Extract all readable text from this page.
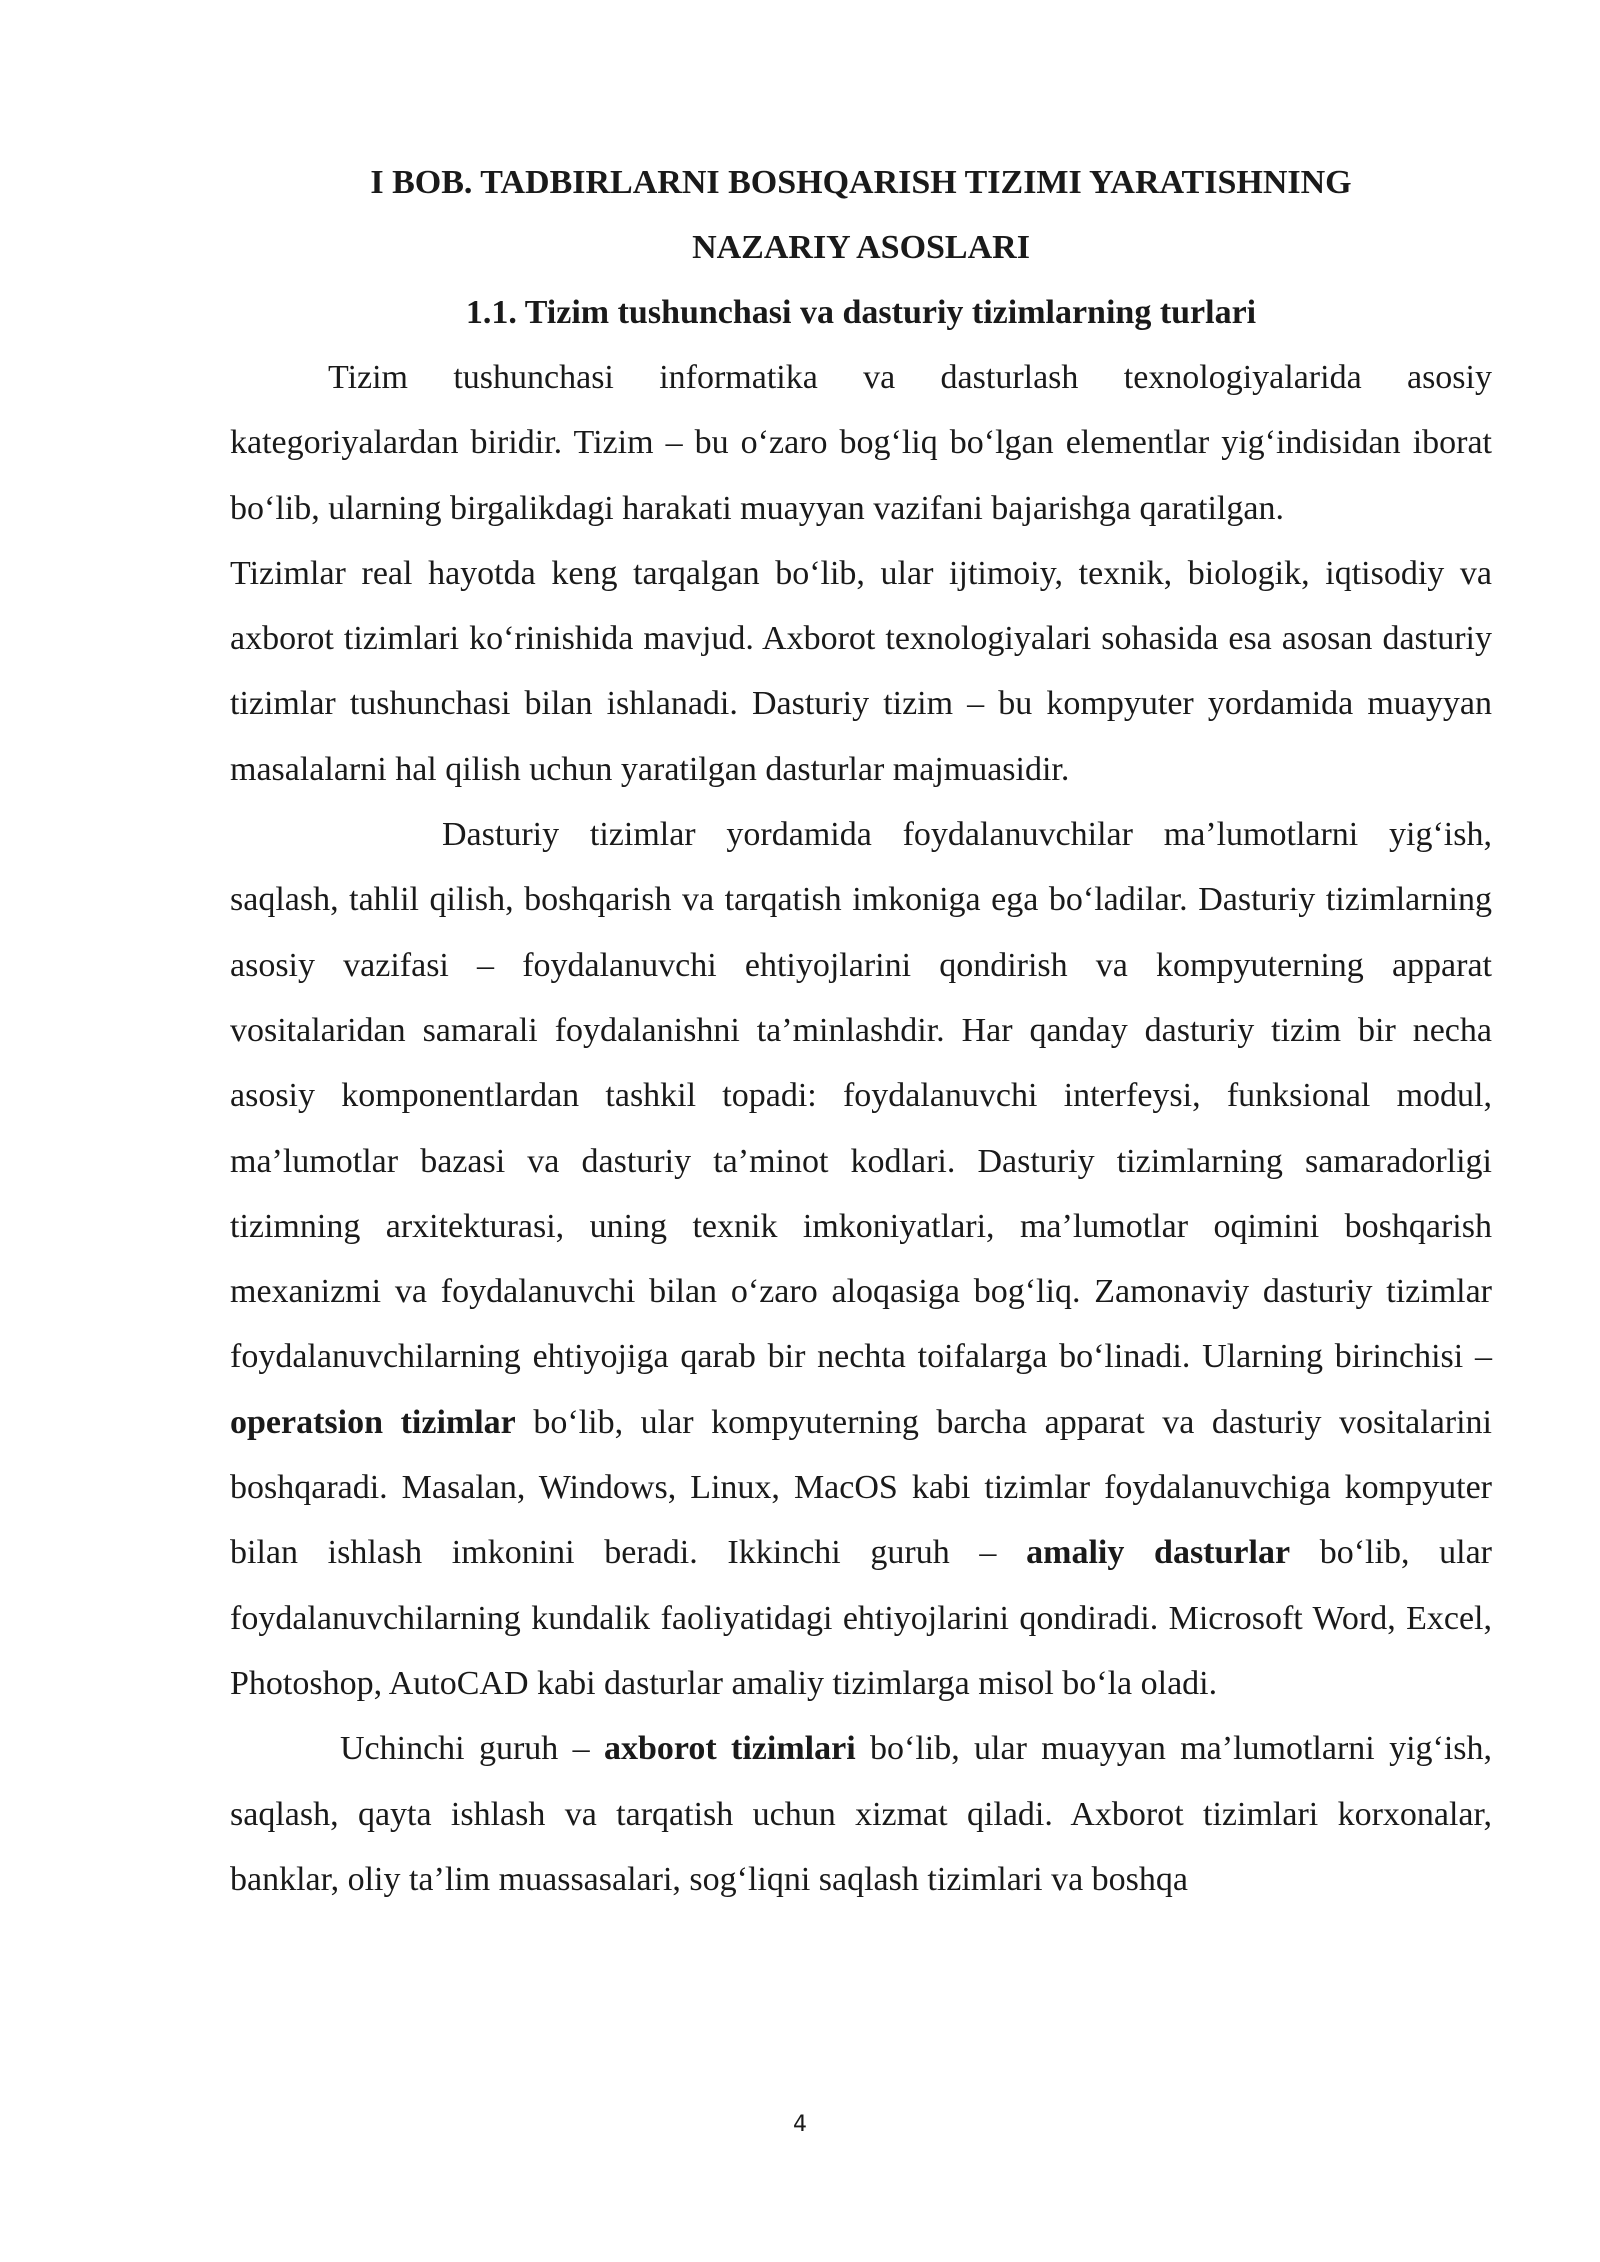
I BOB. TADBIRLARNI BOSHQARISH TIZIMI YARATISHNING
NAZARIY ASOSLARI
1.1. Tizim tushunchasi va dasturiy tizimlarning turlari

Tizim tushunchasi informatika va dasturlash texnologiyalarida asosiy kategoriyalardan biridir. Tizim – bu o‘zaro bog‘liq bo‘lgan elementlar yig‘indisidan iborat bo‘lib, ularning birgalikdagi harakati muayyan vazifani bajarishga qaratilgan.

Tizimlar real hayotda keng tarqalgan bo‘lib, ular ijtimoiy, texnik, biologik, iqtisodiy va axborot tizimlari ko‘rinishida mavjud. Axborot texnologiyalari sohasida esa asosan dasturiy tizimlar tushunchasi bilan ishlanadi. Dasturiy tizim – bu kompyuter yordamida muayyan masalalarni hal qilish uchun yaratilgan dasturlar majmuasidir.

Dasturiy tizimlar yordamida foydalanuvchilar ma’lumotlarni yig‘ish, saqlash, tahlil qilish, boshqarish va tarqatish imkoniga ega bo‘ladilar. Dasturiy tizimlarning asosiy vazifasi – foydalanuvchi ehtiyojlarini qondirish va kompyuterning apparat vositalaridan samarali foydalanishni ta’minlashdir. Har qanday dasturiy tizim bir necha asosiy komponentlardan tashkil topadi: foydalanuvchi interfeysi, funksional modul, ma’lumotlar bazasi va dasturiy ta’minot kodlari. Dasturiy tizimlarning samaradorligi tizimning arxitekturasi, uning texnik imkoniyatlari, ma’lumotlar oqimini boshqarish mexanizmi va foydalanuvchi bilan o‘zaro aloqasiga bog‘liq. Zamonaviy dasturiy tizimlar foydalanuvchilarning ehtiyojiga qarab bir nechta toifalarga bo‘linadi. Ularning birinchisi – operatsion tizimlar bo‘lib, ular kompyuterning barcha apparat va dasturiy vositalarini boshqaradi. Masalan, Windows, Linux, MacOS kabi tizimlar foydalanuvchiga kompyuter bilan ishlash imkonini beradi. Ikkinchi guruh – amaliy dasturlar bo‘lib, ular foydalanuvchilarning kundalik faoliyatidagi ehtiyojlarini qondiradi. Microsoft Word, Excel, Photoshop, AutoCAD kabi dasturlar amaliy tizimlarga misol bo‘la oladi.

Uchinchi guruh – axborot tizimlari bo‘lib, ular muayyan ma’lumotlarni yig‘ish, saqlash, qayta ishlash va tarqatish uchun xizmat qiladi. Axborot tizimlari korxonalar, banklar, oliy ta’lim muassasalari, sog‘liqni saqlash tizimlari va boshqa

4
